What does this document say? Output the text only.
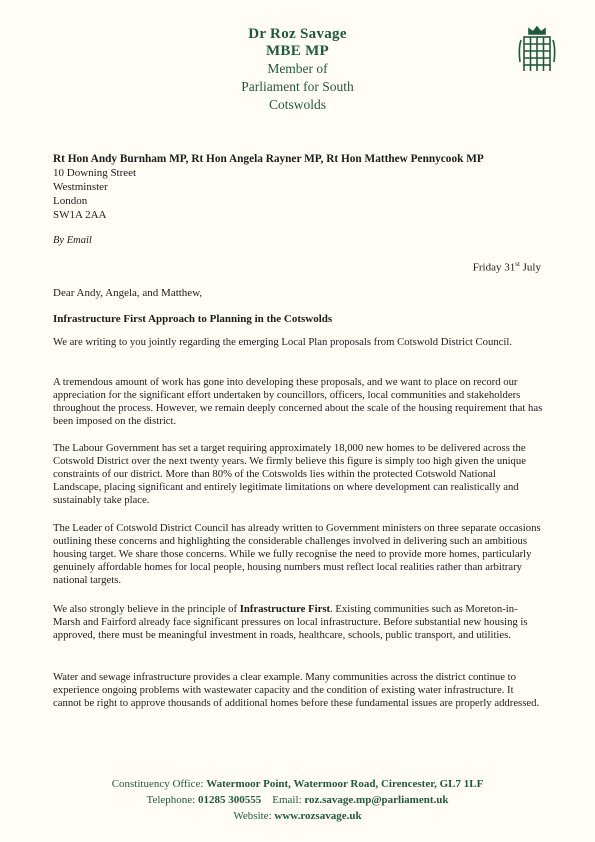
Dr Roz Savage
MBE MP
Member of
Parliament for South
Cotswolds
Rt Hon Andy Burnham MP, Rt Hon Angela Rayner MP, Rt Hon Matthew Pennycook MP
10 Downing Street
Westminster
London
SW1A 2AA
By Email
Friday 31st July
Dear Andy, Angela, and Matthew,
Infrastructure First Approach to Planning in the Cotswolds

We are writing to you jointly regarding the emerging Local Plan proposals from Cotswold District Council.

A tremendous amount of work has gone into developing these proposals, and we want to place on record our appreciation for the significant effort undertaken by councillors, officers, local communities and stakeholders throughout the process. However, we remain deeply concerned about the scale of the housing requirement that has been imposed on the district.

The Labour Government has set a target requiring approximately 18,000 new homes to be delivered across the Cotswold District over the next twenty years. We firmly believe this figure is simply too high given the unique constraints of our district. More than 80% of the Cotswolds lies within the protected Cotswold National Landscape, placing significant and entirely legitimate limitations on where development can realistically and sustainably take place.

The Leader of Cotswold District Council has already written to Government ministers on three separate occasions outlining these concerns and highlighting the considerable challenges involved in delivering such an ambitious housing target. We share those concerns. While we fully recognise the need to provide more homes, particularly genuinely affordable homes for local people, housing numbers must reflect local realities rather than arbitrary national targets.

We also strongly believe in the principle of Infrastructure First. Existing communities such as Moreton-in-Marsh and Fairford already face significant pressures on local infrastructure. Before substantial new housing is approved, there must be meaningful investment in roads, healthcare, schools, public transport, and utilities.

Water and sewage infrastructure provides a clear example. Many communities across the district continue to experience ongoing problems with wastewater capacity and the condition of existing water infrastructure. It cannot be right to approve thousands of additional homes before these fundamental issues are properly addressed.

Constituency Office: Watermoor Point, Watermoor Road, Cirencester, GL7 1LF
Telephone: 01285 300555 Email: roz.savage.mp@parliament.uk
Website: www.rozsavage.uk
